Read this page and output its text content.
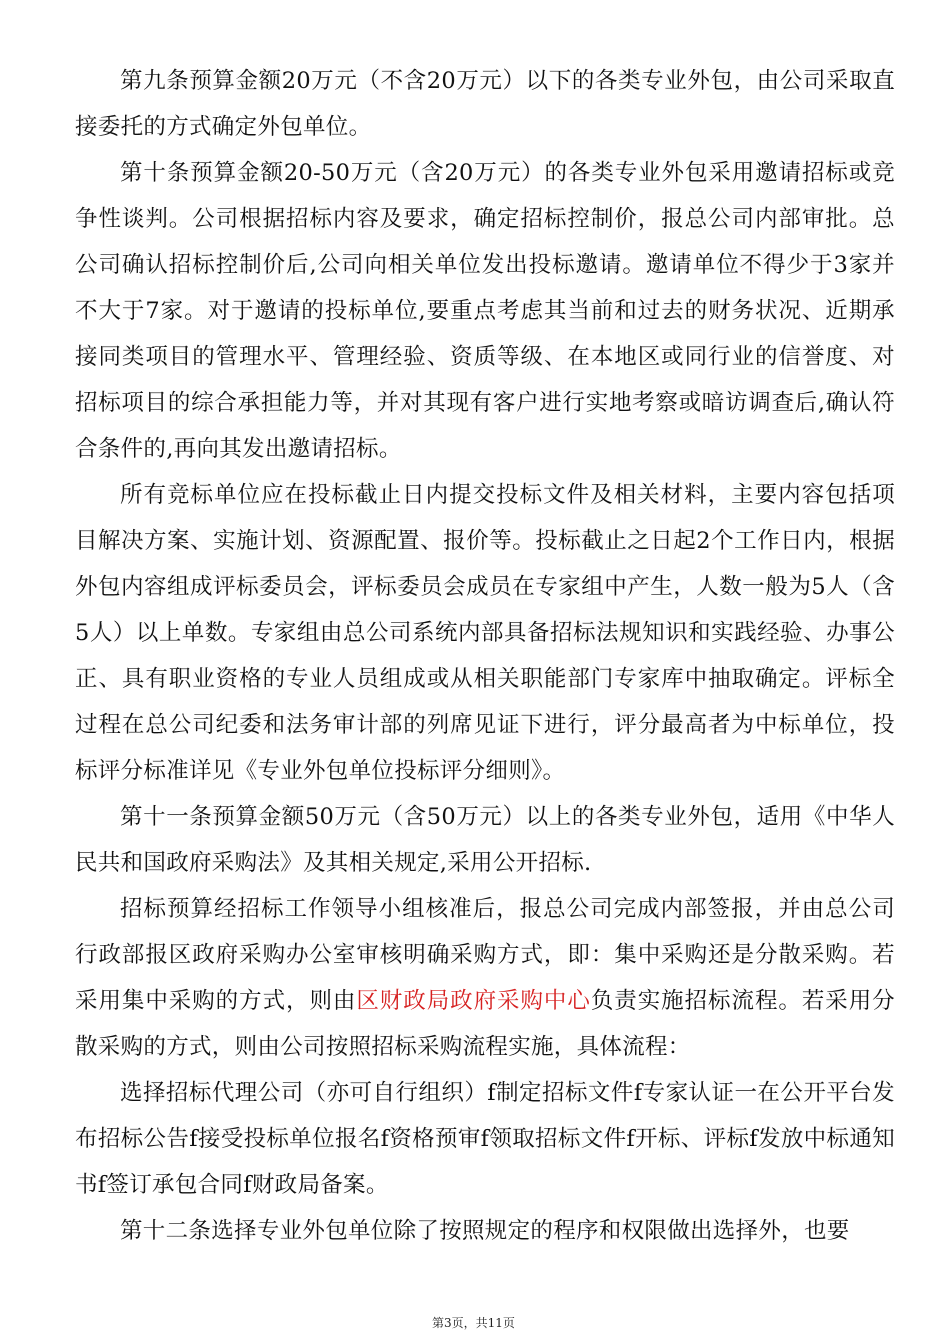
第九条预算金额20万元（不含20万元）以下的各类专业外包，由公司采取直接委托的方式确定外包单位。

第十条预算金额20-50万元（含20万元）的各类专业外包采用邀请招标或竞争性谈判。公司根据招标内容及要求，确定招标控制价，报总公司内部审批。总公司确认招标控制价后,公司向相关单位发出投标邀请。邀请单位不得少于3家并不大于7家。对于邀请的投标单位,要重点考虑其当前和过去的财务状况、近期承接同类项目的管理水平、管理经验、资质等级、在本地区或同行业的信誉度、对招标项目的综合承担能力等，并对其现有客户进行实地考察或暗访调查后,确认符合条件的,再向其发出邀请招标。

所有竞标单位应在投标截止日内提交投标文件及相关材料，主要内容包括项目解决方案、实施计划、资源配置、报价等。投标截止之日起2个工作日内，根据外包内容组成评标委员会，评标委员会成员在专家组中产生，人数一般为5人（含5人）以上单数。专家组由总公司系统内部具备招标法规知识和实践经验、办事公正、具有职业资格的专业人员组成或从相关职能部门专家库中抽取确定。评标全过程在总公司纪委和法务审计部的列席见证下进行，评分最高者为中标单位，投标评分标准详见《专业外包单位投标评分细则》。

第十一条预算金额50万元（含50万元）以上的各类专业外包，适用《中华人民共和国政府采购法》及其相关规定,采用公开招标.

招标预算经招标工作领导小组核准后，报总公司完成内部签报，并由总公司行政部报区政府采购办公室审核明确采购方式，即：集中采购还是分散采购。若采用集中采购的方式，则由区财政局政府采购中心负责实施招标流程。若采用分散采购的方式，则由公司按照招标采购流程实施，具体流程：

选择招标代理公司（亦可自行组织）f制定招标文件f专家认证一在公开平台发布招标公告f接受投标单位报名f资格预审f领取招标文件f开标、评标f发放中标通知书f签订承包合同f财政局备案。

第十二条选择专业外包单位除了按照规定的程序和权限做出选择外，也要

第3页，共11页
